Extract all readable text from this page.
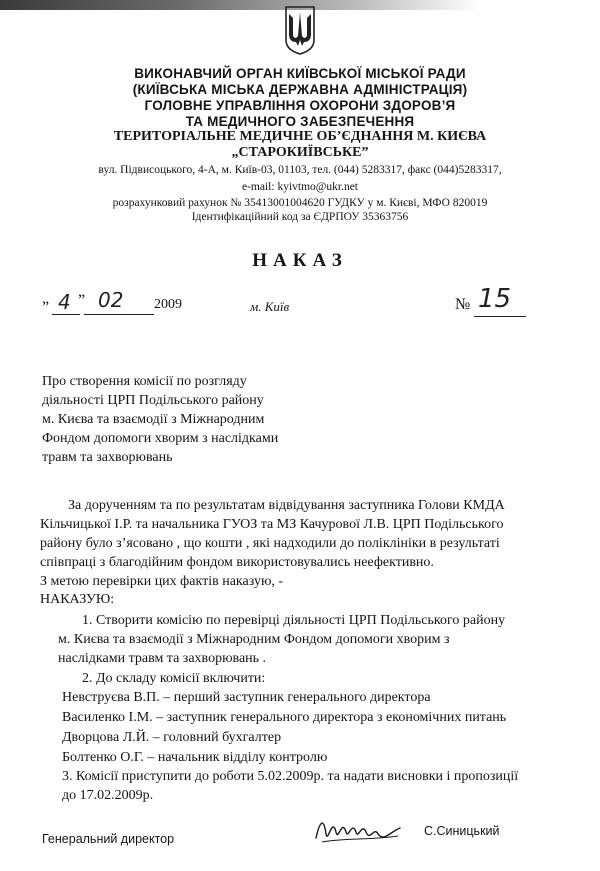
ВИКОНАВЧИЙ ОРГАН КИЇВСЬКОЇ МІСЬКОЇ РАДИ
(КИЇВСЬКА МІСЬКА ДЕРЖАВНА АДМІНІСТРАЦІЯ)
ГОЛОВНЕ УПРАВЛІННЯ ОХОРОНИ ЗДОРОВ’Я
ТА МЕДИЧНОГО ЗАБЕЗПЕЧЕННЯ
ТЕРИТОРІАЛЬНЕ МЕДИЧНЕ ОБ’ЄДНАННЯ М. КИЄВА
„СТАРОКИЇВСЬКЕ”
вул. Підвисоцького, 4-А, м. Київ-03, 01103, тел. (044) 5283317, факс (044)5283317,
e-mail: kyivtmo@ukr.net
розрахунковий рахунок № 35413001004620 ГУДКУ у м. Києві, МФО 820019
Ідентифікаційний код за ЄДРПОУ 35363756
НАКАЗ
„ 4 ” 02 2009	м. Київ	№ 15
Про створення комісії по розгляду
діяльності ЦРП Подільського району
м. Києва та взаємодії з Міжнародним
Фондом допомоги хворим з наслідками
травм та захворювань
За дорученням та по результатам відвідування заступника Голови КМДА
Кільчицької І.Р. та начальника ГУОЗ та МЗ Качурової Л.В. ЦРП Подільського
району було з’ясовано , що кошти , які надходили до поліклініки в результаті
співпраці з благодійним фондом використовувались неефективно.
З метою перевірки цих фактів наказую, -
НАКАЗУЮ:
1. Створити комісію по перевірці діяльності ЦРП Подільського району
м. Києва та взаємодії з Міжнародним Фондом допомоги хворим з
наслідками травм та захворювань .
2. До складу комісії включити:
Невструєва В.П. – перший заступник генерального директора
Василенко І.М. – заступник генерального директора з економічних питань
Дворцова Л.Й. – головний бухгалтер
Болтенко О.Г. – начальник відділу контролю
3. Комісії приступити до роботи 5.02.2009р. та надати висновки і пропозиції
до 17.02.2009р.
Генеральний директор
С.Синицький
